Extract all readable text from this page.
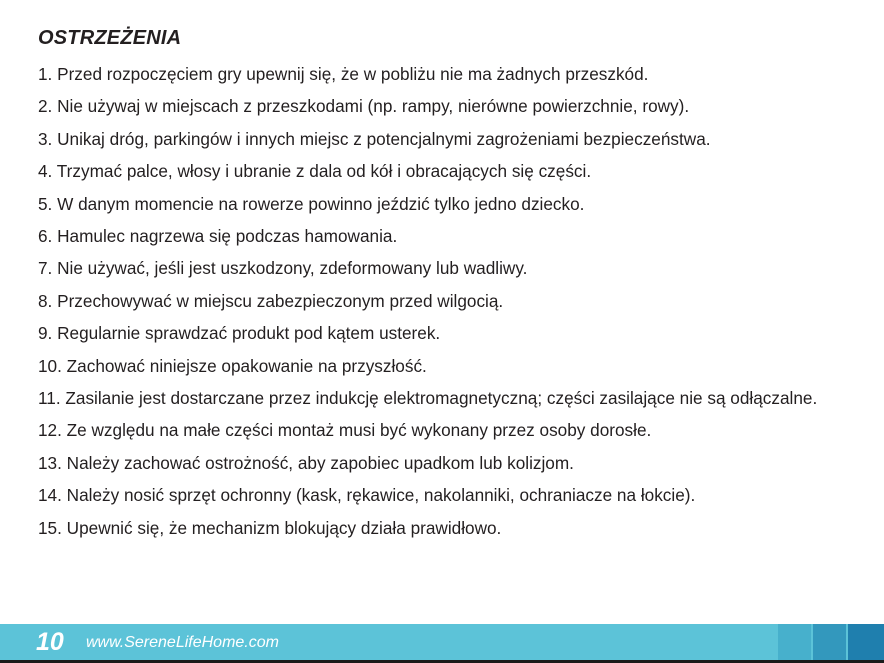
OSTRZEŻENIA
1. Przed rozpoczęciem gry upewnij się, że w pobliżu nie ma żadnych przeszkód.
2. Nie używaj w miejscach z przeszkodami (np. rampy, nierówne powierzchnie, rowy).
3. Unikaj dróg, parkingów i innych miejsc z potencjalnymi zagrożeniami bezpieczeństwa.
4. Trzymać palce, włosy i ubranie z dala od kół i obracających się części.
5. W danym momencie na rowerze powinno jeździć tylko jedno dziecko.
6. Hamulec nagrzewa się podczas hamowania.
7. Nie używać, jeśli jest uszkodzony, zdeformowany lub wadliwy.
8. Przechowywać w miejscu zabezpieczonym przed wilgocią.
9. Regularnie sprawdzać produkt pod kątem usterek.
10. Zachować niniejsze opakowanie na przyszłość.
11. Zasilanie jest dostarczane przez indukcję elektromagnetyczną; części zasilające nie są odłączalne.
12. Ze względu na małe części montaż musi być wykonany przez osoby dorosłe.
13. Należy zachować ostrożność, aby zapobiec upadkom lub kolizjom.
14. Należy nosić sprzęt ochronny (kask, rękawice, nakolanniki, ochraniacze na łokcie).
15. Upewnić się, że mechanizm blokujący działa prawidłowo.
10 www.SereneLifeHome.com
